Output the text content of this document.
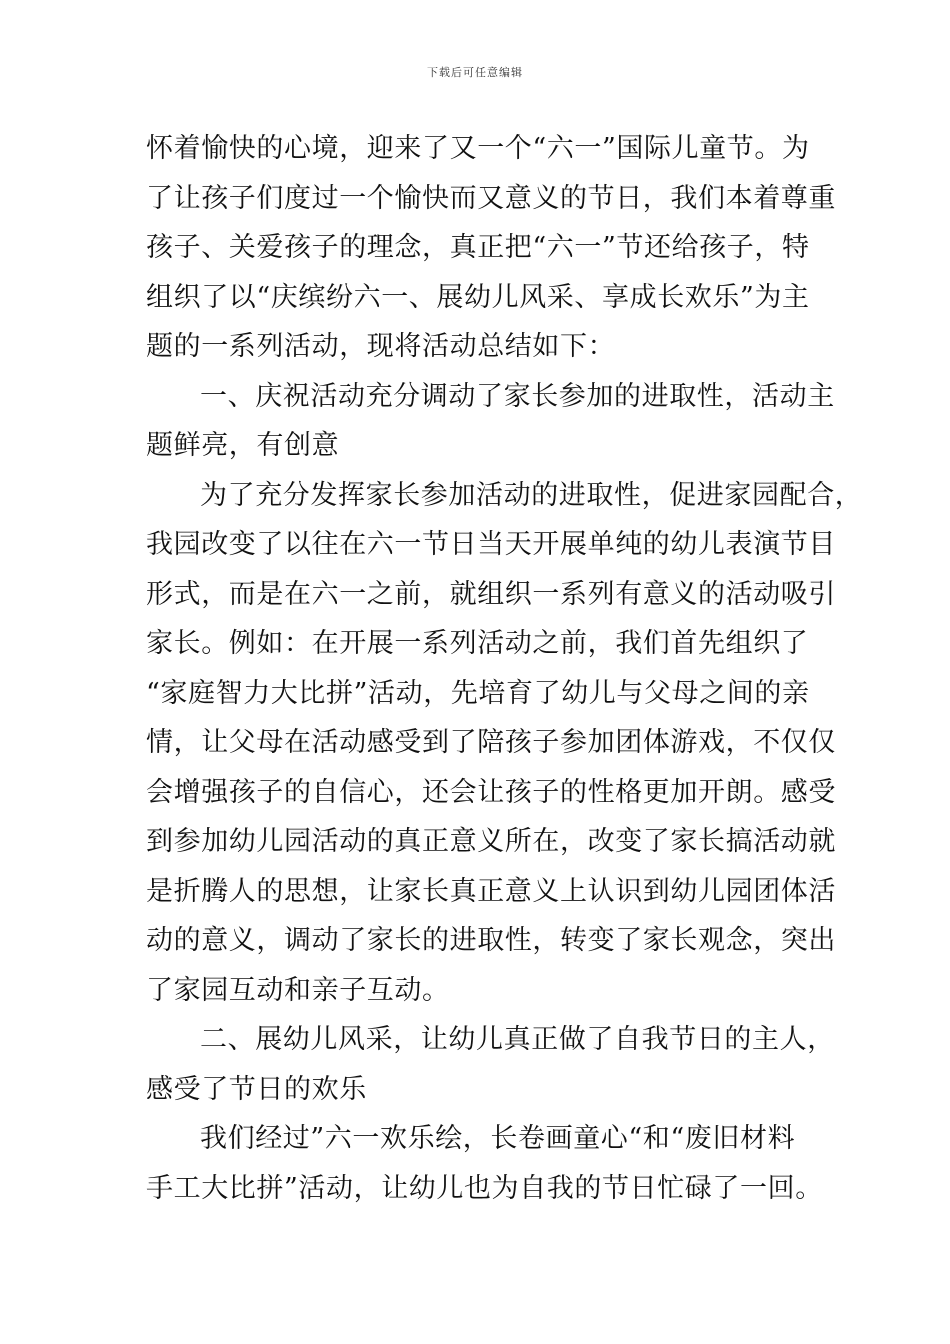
下载后可任意编辑
怀着愉快的心境，迎来了又一个“六一”国际儿童节。为
了让孩子们度过一个愉快而又意义的节日，我们本着尊重
孩子、关爱孩子的理念，真正把“六一”节还给孩子，特
组织了以“庆缤纷六一、展幼儿风采、享成长欢乐”为主
题的一系列活动，现将活动总结如下：
一、庆祝活动充分调动了家长参加的进取性，活动主
题鲜亮，有创意
为了充分发挥家长参加活动的进取性，促进家园配合，
我园改变了以往在六一节日当天开展单纯的幼儿表演节目
形式，而是在六一之前，就组织一系列有意义的活动吸引
家长。例如：在开展一系列活动之前，我们首先组织了
“家庭智力大比拼”活动，先培育了幼儿与父母之间的亲
情，让父母在活动感受到了陪孩子参加团体游戏，不仅仅
会增强孩子的自信心，还会让孩子的性格更加开朗。感受
到参加幼儿园活动的真正意义所在，改变了家长搞活动就
是折腾人的思想，让家长真正意义上认识到幼儿园团体活
动的意义，调动了家长的进取性，转变了家长观念，突出
了家园互动和亲子互动。
二、展幼儿风采，让幼儿真正做了自我节日的主人，
感受了节日的欢乐
我们经过”六一欢乐绘，长卷画童心“和“废旧材料
手工大比拼”活动，让幼儿也为自我的节日忙碌了一回。
